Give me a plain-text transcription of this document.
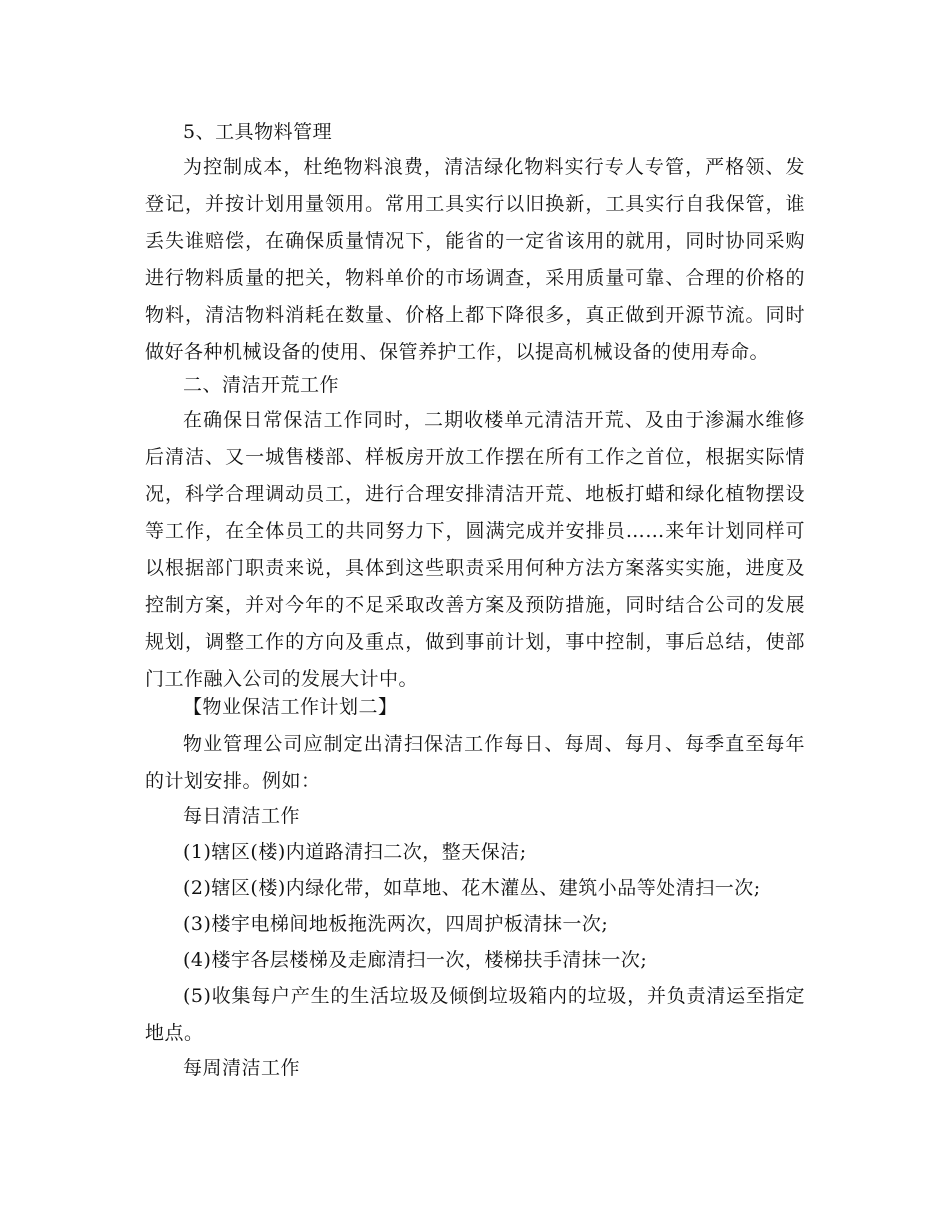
5、工具物料管理

为控制成本，杜绝物料浪费，清洁绿化物料实行专人专管，严格领、发登记，并按计划用量领用。常用工具实行以旧换新，工具实行自我保管，谁丢失谁赔偿，在确保质量情况下，能省的一定省该用的就用，同时协同采购进行物料质量的把关，物料单价的市场调查，采用质量可靠、合理的价格的物料，清洁物料消耗在数量、价格上都下降很多，真正做到开源节流。同时做好各种机械设备的使用、保管养护工作，以提高机械设备的使用寿命。

二、清洁开荒工作

在确保日常保洁工作同时，二期收楼单元清洁开荒、及由于渗漏水维修后清洁、又一城售楼部、样板房开放工作摆在所有工作之首位，根据实际情况，科学合理调动员工，进行合理安排清洁开荒、地板打蜡和绿化植物摆设等工作，在全体员工的共同努力下，圆满完成并安排员……来年计划同样可以根据部门职责来说，具体到这些职责采用何种方法方案落实实施，进度及控制方案，并对今年的不足采取改善方案及预防措施，同时结合公司的发展规划，调整工作的方向及重点，做到事前计划，事中控制，事后总结，使部门工作融入公司的发展大计中。

【物业保洁工作计划二】

物业管理公司应制定出清扫保洁工作每日、每周、每月、每季直至每年的计划安排。例如：

每日清洁工作

(1)辖区(楼)内道路清扫二次，整天保洁;

(2)辖区(楼)内绿化带，如草地、花木灌丛、建筑小品等处清扫一次;

(3)楼宇电梯间地板拖洗两次，四周护板清抹一次;

(4)楼宇各层楼梯及走廊清扫一次，楼梯扶手清抹一次;

(5)收集每户产生的生活垃圾及倾倒垃圾箱内的垃圾，并负责清运至指定地点。

每周清洁工作
